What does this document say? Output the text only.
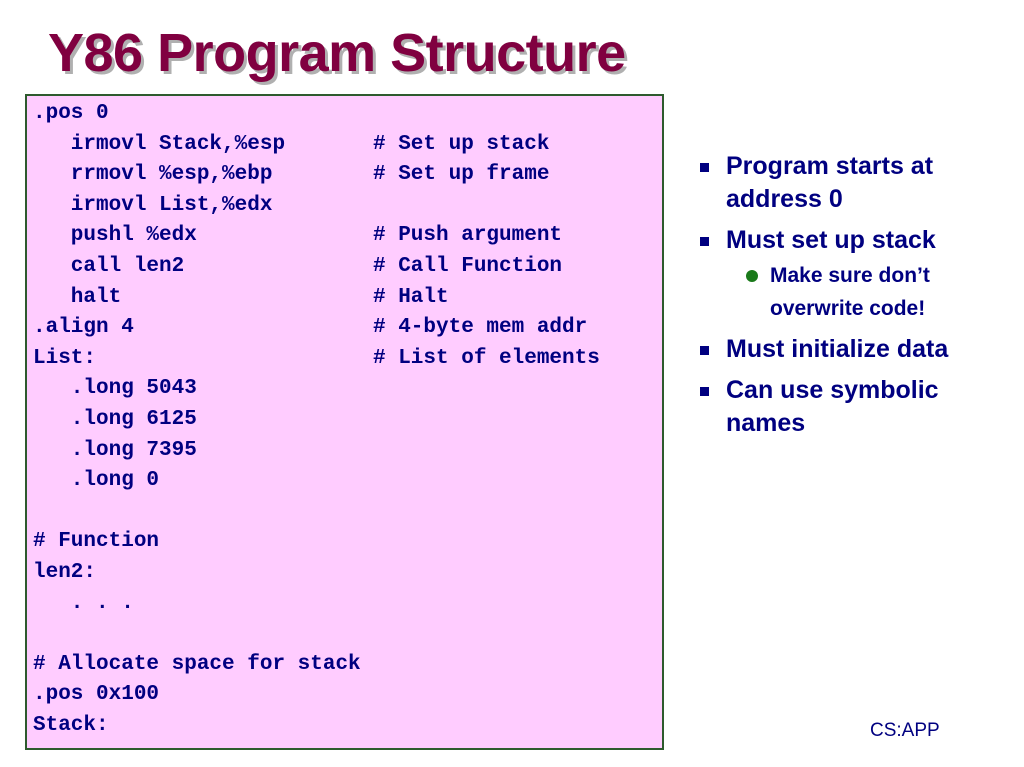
Y86 Program Structure
.pos 0
irmovl Stack,%esp	# Set up stack
rrmovl %esp,%ebp	# Set up frame
irmovl List,%edx
pushl %edx	# Push argument
call len2	# Call Function
halt	# Halt
.align 4	# 4-byte mem addr
List:	# List of elements
.long 5043
.long 6125
.long 7395
.long 0
# Function
len2:
. . .
# Allocate space for stack
.pos 0x100
Stack:
Program starts at address 0
Must set up stack
Make sure don’t overwrite code!
Must initialize data
Can use symbolic names
CS:APP
